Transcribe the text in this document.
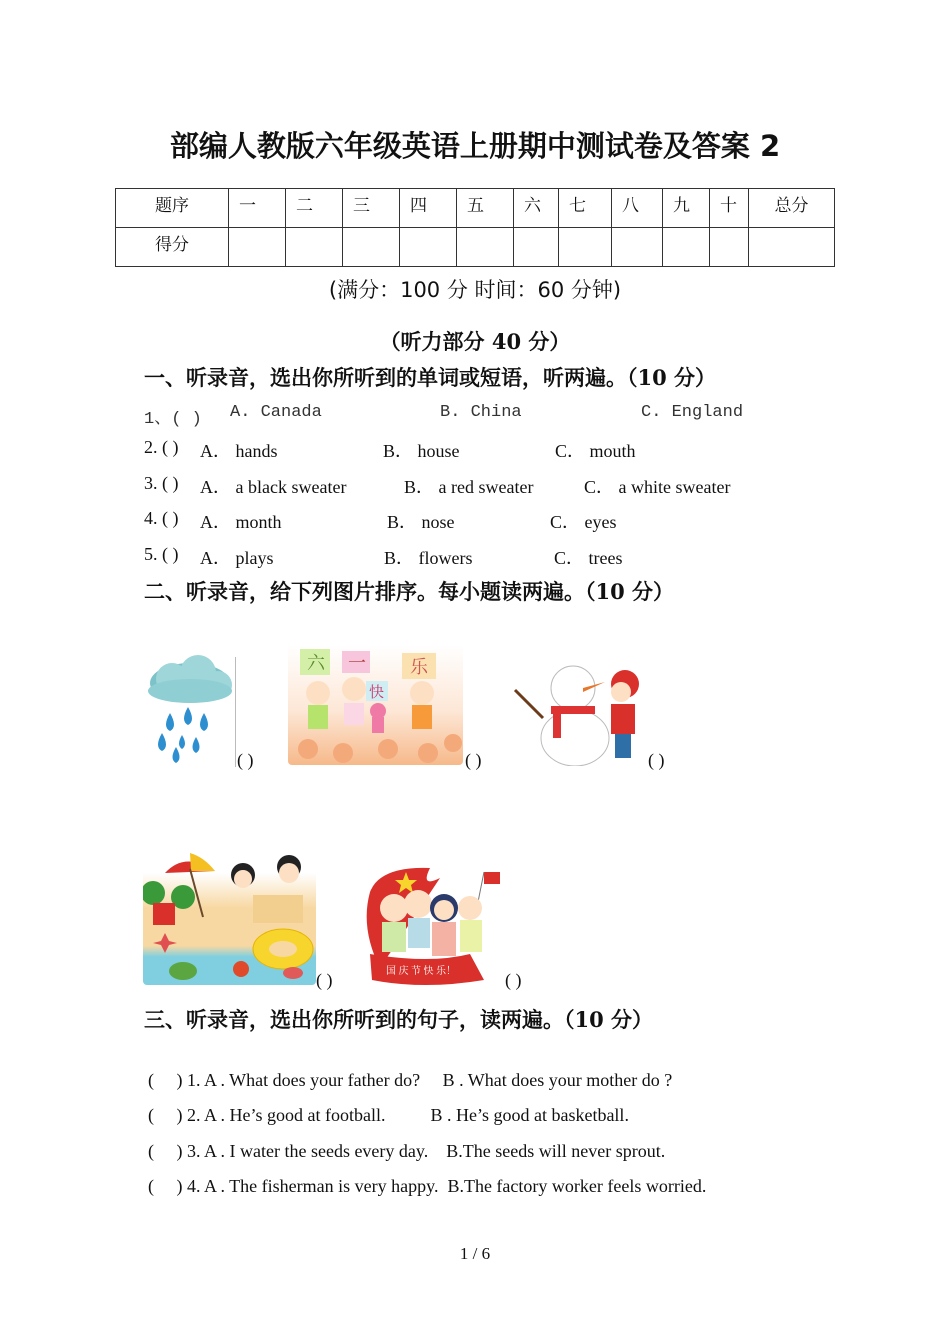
部编人教版六年级英语上册期中测试卷及答案 2
题序	一	二	三	四	五	六	七	八	九	十	总分
得分											
(满分：100 分 时间：60 分钟)
（听力部分 40 分）
一、听录音，选出你所听到的单词或短语，听两遍。（10 分）
1、( ) A. Canada	B. China	C. England
2. ( ) A． hands	B． house	C． mouth
3. ( ) A． a black sweater	B． a red sweater	C． a white sweater
4. ( ) A． month	B． nose	C． eyes
5. ( ) A． plays	B． flowers	C． trees
二、听录音，给下列图片排序。每小题读两遍。（10 分）
( )
六 一
快
乐
( )	( )
( )	国 庆 节 快 乐！	( )
三、听录音，选出你所听到的句子，读两遍。（10 分）
(     ) 1. A . What does your father do?     B . What does your mother do ?
(     ) 2. A . He’s good at football.          B . He’s good at basketball.
(     ) 3. A . I water the seeds every day.    B.The seeds will never sprout.
(     ) 4. A . The fisherman is very happy.  B.The factory worker feels worried.
1 / 6
